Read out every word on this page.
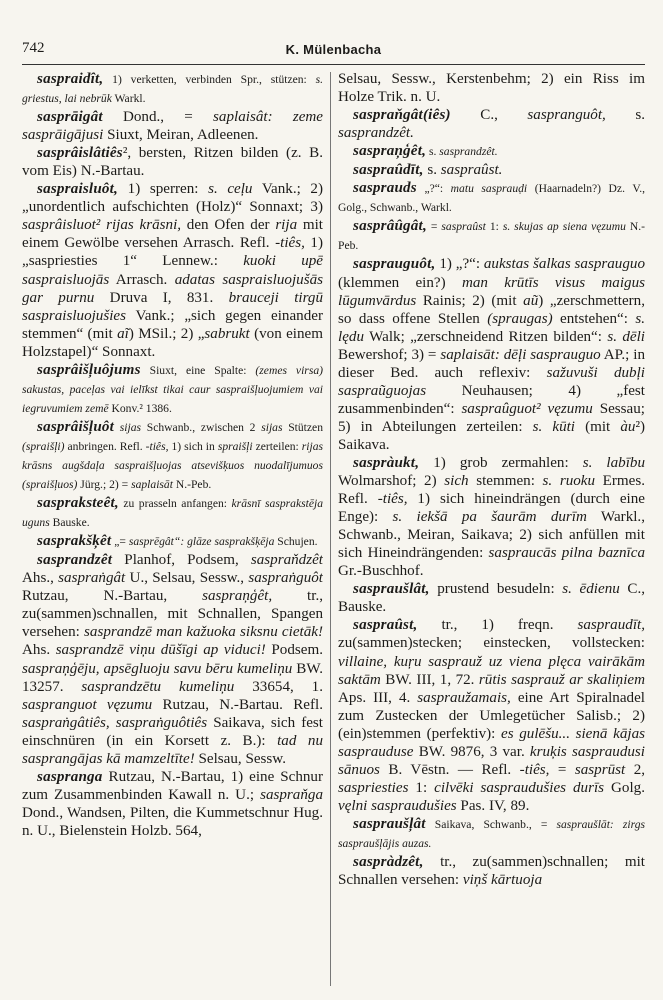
742	K. Mülenbacha

saspraidît, 1) verketten, verbinden Spr., stützen: s. griestus, lai nebrūk Warkl.

sasprāigât Dond., = saplaisât: zeme sasprāigājusi Siuxt, Meiran, Adleenen.

sasprâislâtiês², bersten, Ritzen bilden (z. B. vom Eis) N.-Bartau.

saspraisluôt, 1) sperren: s. ceļu Vank.; 2) „unordentlich aufschichten (Holz)“ Sonnaxt; 3) sasprâisluot² rijas krāsni, den Ofen der rija mit einem Gewölbe versehen Arrasch. Refl. -tiês, 1) „saspriesties 1“ Lennew.: kuoki upē saspraisluojās Arrasch. adatas saspraisluojušās gar purnu Druva I, 831. brauceji tirgū saspraisluojušies Vank.; „sich gegen einander stemmen“ (mit aĩ) MSil.; 2) „sabrukt (von einem Holzstapel)“ Sonnaxt.

sasprâišļuôjums Siuxt, eine Spalte: (zemes virsa) sakustas, paceļas vai ielīkst tikai caur saspraišļuojumiem vai iegruvumiem zemē Konv.² 1386.

sasprâišļuôt sijas Schwanb., zwischen 2 sijas Stützen (spraišļi) anbringen. Refl. -tiês, 1) sich in spraišļi zerteilen: rijas krāsns augšdaļa saspraišļuojas atsevišķuos nuodalījumuos (spraišļuos) Jürg.; 2) = saplaisāt N.-Peb.

saspraksteêt, zu prasseln anfangen: krāsnī sasprakstēja uguns Bauske.

sasprakšķêt „= sasprēgât“: glāze sasprakšķēja Schujen.

sasprandzêt Planhof, Podsem, saspraňdzêt Ahs., saspraṅgât U., Selsau, Sessw., saspraṅguôt Rutzau, N.-Bartau, saspraņģêt, tr., zu(sammen)schnallen, mit Schnallen, Spangen versehen: sasprandzē man kažuoka siksnu cietāk! Ahs. sasprandzē viņu dūšīgi ap viduci! Podsem. saspraņģēju, apsēgluoju savu bēru kumeliņu BW. 13257. sasprandzētu kumeliņu 33654, 1. saspranguot vęzumu Rutzau, N.-Bartau. Refl. saspraṅgâtiês, saspraṅguôtiês Saikava, sich fest einschnüren (in ein Korsett z. B.): tad nu sasprangājas kā mamzeltīte! Selsau, Sessw.

saspranga Rutzau, N.-Bartau, 1) eine Schnur zum Zusammenbinden Kawall n. U.; saspraňga Dond., Wandsen, Pilten, die Kummetschnur Hug. n. U., Bielenstein Holzb. 564,

Selsau, Sessw., Kerstenbehm; 2) ein Riss im Holze Trik. n. U.

saspraňgât(iês) C., saspranguôt, s. sasprandzêt.

saspraņģêt, s. sasprandzêt.

saspraûdīt, s. saspraûst.

sasprauds „?“: matu sasprauḍi (Haarnadeln?) Dz. V., Golg., Schwanb., Warkl.

sasprâûgât, = saspraûst 1: s. skujas ap siena vęzumu N.-Peb.

sasprauguôt, 1) „?“: aukstas šalkas sasprauguo (klemmen ein?) man krūtīs visus maigus lūgumvārdus Rainis; 2) (mit aũ) „zerschmettern, so dass offene Stellen (spraugas) entstehen“: s. lędu Walk; „zerschneidend Ritzen bilden“: s. dēli Bewershof; 3) = saplaisāt: dēļi sasprauguo AP.; in dieser Bed. auch reflexiv: sažuvuši dubļi saspraũguojas Neuhausen; 4) „fest zusammenbinden“: saspraûguot² vęzumu Sessau; 5) in Abteilungen zerteilen: s. kūti (mit àu²) Saikava.

saspràukt, 1) grob zermahlen: s. labību Wolmarshof; 2) sich stemmen: s. ruoku Ermes. Refl. -tiês, 1) sich hineindrängen (durch eine Enge): s. iekšā pa šaurām durīm Warkl., Schwanb., Meiran, Saikava; 2) sich anfüllen mit sich Hineindrängenden: saspraucās pilna baznīca Gr.-Buschhof.

saspraušlât, prustend besudeln: s. ēdienu C., Bauske.

saspraûst, tr., 1) freqn. saspraudīt, zu(sammen)stecken; einstecken, vollstecken: villaine, kuŗu sasprauž uz viena plęca vairākām saktām BW. III, 1, 72. rūtis sasprauž ar skaliņiem Aps. III, 4. saspraužamais, eine Art Spiralnadel zum Zustecken der Umlegetücher Salisb.; 2) (ein)stemmen (perfektiv): es gulēšu... sienā kājas sasprauduse BW. 9876, 3 var. kruķis saspraudusi sānuos B. Vēstn. — Refl. -tiês, = sasprūst 2, saspriesties 1: cilvēki saspraudušies durīs Golg. vęlni saspraudušies Pas. IV, 89.

saspraušļât Saikava, Schwanb., = saspraušlāt: zirgs saspraušļājis auzas.

saspràdzêt, tr., zu(sammen)schnallen; mit Schnallen versehen: viņš kārtuoja
